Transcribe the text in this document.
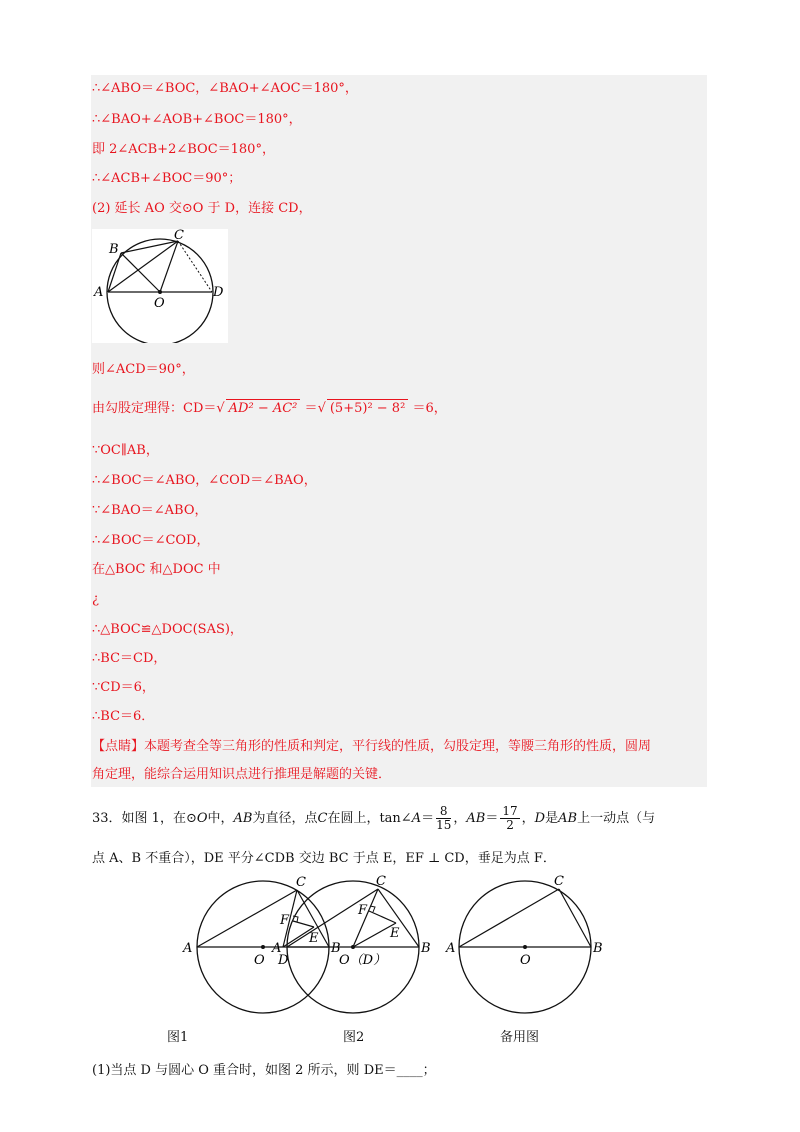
∴∠ABO＝∠BOC，∠BAO+∠AOC＝180°，
∴∠BAO+∠AOB+∠BOC＝180°，
即 2∠ACB+2∠BOC＝180°，
∴∠ACB+∠BOC＝90°；
(2) 延长 AO 交⊙O 于 D，连接 CD，
A
B
C
O
D
则∠ACD＝90°，
由勾股定理得：CD＝√ AD² − AC² ＝√ (5+5)² − 8² ＝6，
∵OC∥AB，
∴∠BOC＝∠ABO，∠COD＝∠BAO，
∵∠BAO＝∠ABO，
∴∠BOC＝∠COD，
在△BOC 和△DOC 中
¿
∴△BOC≌△DOC(SAS)，
∴BC＝CD，
∵CD＝6，
∴BC＝6．
【点睛】本题考查全等三角形的性质和判定，平行线的性质，勾股定理，等腰三角形的性质，圆周
角定理，能综合运用知识点进行推理是解题的关键．
33．如图 1，在⊙O中，AB为直径，点C在圆上，tan∠A＝ $\frac{8}{15}$ ，$AB= \frac{17}{2}$ ，D是AB上一动点（与
点 A、B 不重合），DE 平分∠CDB 交边 BC 于点 E，EF ⊥ CD，垂足为点 F．
A	B
C
O D
E
F
A	B
C
O（D）
E
F
A	B
C
O
图1	图2	备用图
(1)当点 D 与圆心 O 重合时，如图 2 所示，则 DE＝____；
